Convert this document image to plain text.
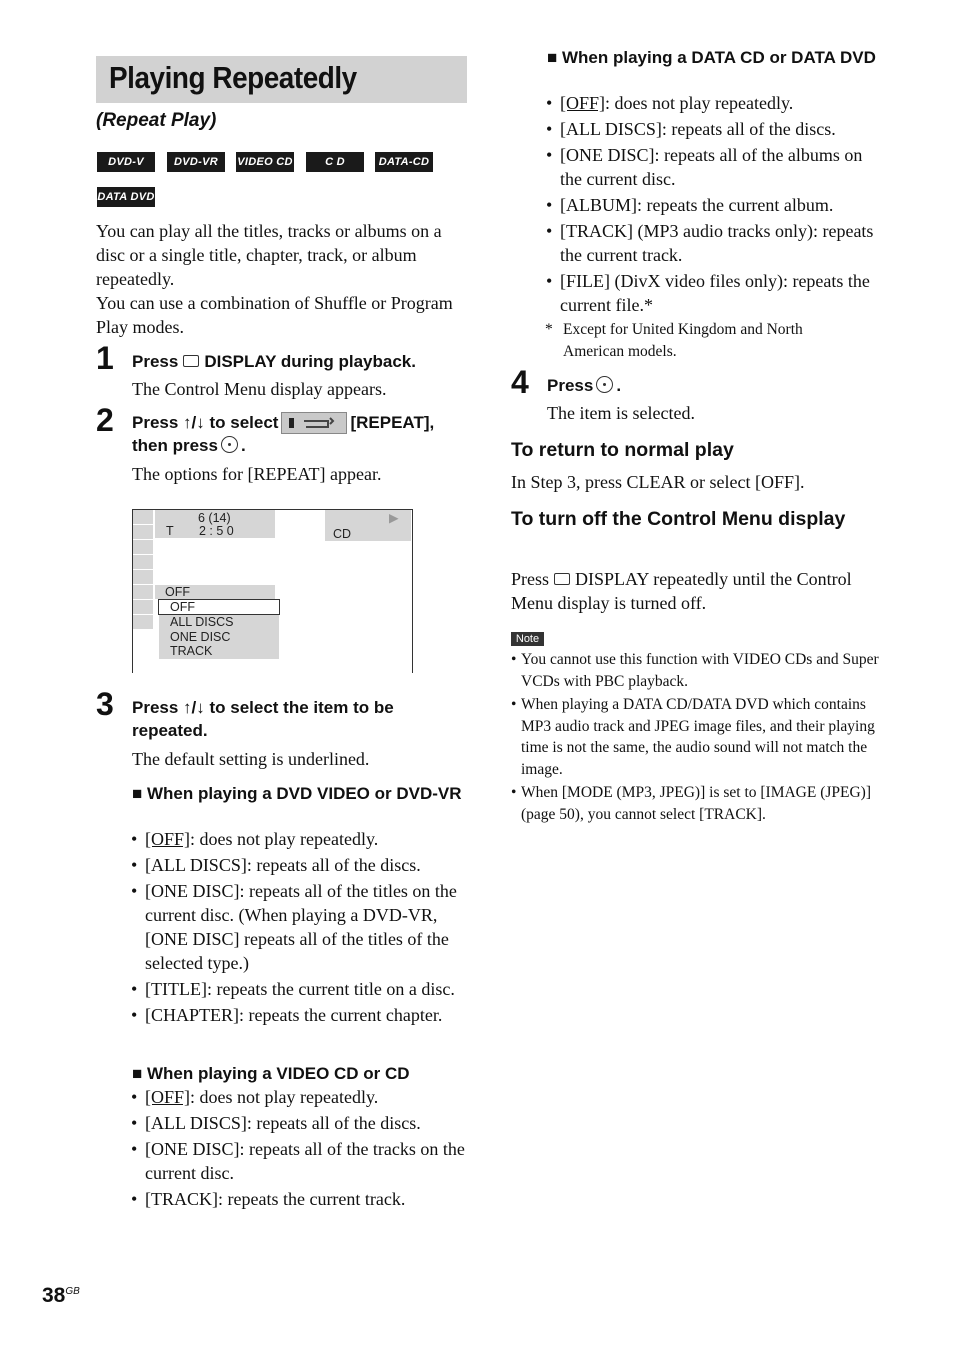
Playing Repeatedly
(Repeat Play)
DVD-V	DVD-VR	VIDEO CD	C D	DATA-CD
DATA DVD
You can play all the titles, tracks or albums on a disc or a single title, chapter, track, or album repeatedly.
You can use a combination of Shuffle or Program Play modes.
1 Press DISPLAY during playback.
The Control Menu display appears.
2 Press ↑/↓ to select	[REPEAT],
then press .
The options for [REPEAT] appear.
6 (14)
T 2 : 5 0	CD
▶
OFF
OFF
ALL DISCS
ONE DISC
TRACK
3 Press ↑/↓ to select the item to be repeated.
The default setting is underlined.
■ When playing a DVD VIDEO or DVD-VR
• [OFF]: does not play repeatedly.
• [ALL DISCS]: repeats all of the discs.
• [ONE DISC]: repeats all of the titles on the current disc. (When playing a DVD-VR, [ONE DISC] repeats all of the titles of the selected type.)
• [TITLE]: repeats the current title on a disc.
• [CHAPTER]: repeats the current chapter.
■ When playing a VIDEO CD or CD
• [OFF]: does not play repeatedly.
• [ALL DISCS]: repeats all of the discs.
• [ONE DISC]: repeats all of the tracks on the current disc.
• [TRACK]: repeats the current track.
■ When playing a DATA CD or DATA DVD
• [OFF]: does not play repeatedly.
• [ALL DISCS]: repeats all of the discs.
• [ONE DISC]: repeats all of the albums on the current disc.
• [ALBUM]: repeats the current album.
• [TRACK] (MP3 audio tracks only): repeats the current track.
• [FILE] (DivX video files only): repeats the current file.*
* Except for United Kingdom and North American models.
4 Press .
The item is selected.
To return to normal play
In Step 3, press CLEAR or select [OFF].
To turn off the Control Menu display
Press DISPLAY repeatedly until the Control Menu display is turned off.
Note
• You cannot use this function with VIDEO CDs and Super VCDs with PBC playback.
• When playing a DATA CD/DATA DVD which contains MP3 audio track and JPEG image files, and their playing time is not the same, the audio sound will not match the image.
• When [MODE (MP3, JPEG)] is set to [IMAGE (JPEG)] (page 50), you cannot select [TRACK].
$38^{GB}$
